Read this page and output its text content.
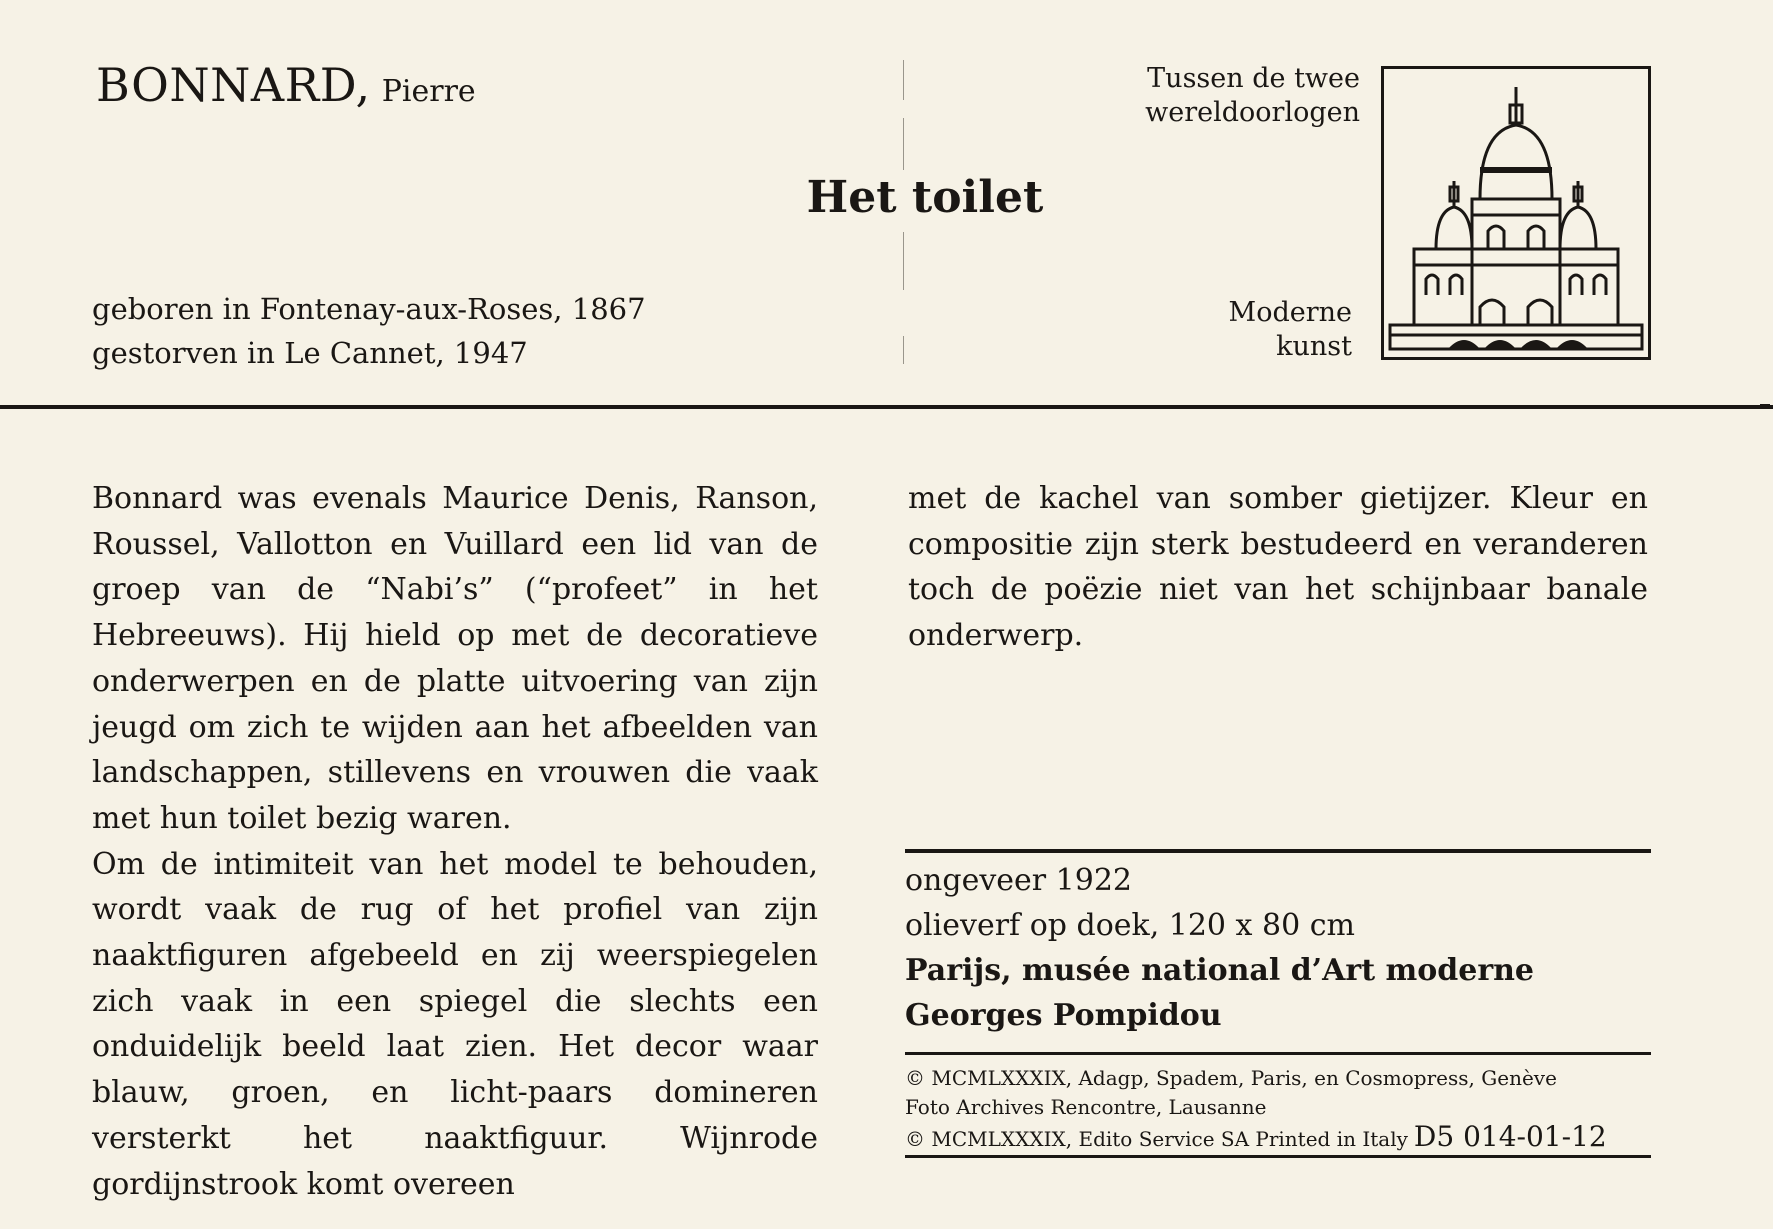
BONNARD, Pierre
Het toilet
geboren in Fontenay-aux-Roses, 1867
gestorven in Le Cannet, 1947
Tussen de twee
wereldoorlogen
Moderne
kunst

Bonnard was evenals Maurice Denis, Ranson, Roussel, Vallotton en Vuillard een lid van de groep van de “Nabi’s” (“profeet” in het Hebreeuws). Hij hield op met de decoratieve onderwerpen en de platte uitvoering van zijn jeugd om zich te wijden aan het afbeelden van landschappen, stillevens en vrouwen die vaak met hun toilet bezig waren.

Om de intimiteit van het model te behouden, wordt vaak de rug of het profiel van zijn naaktfiguren afgebeeld en zij weerspiegelen zich vaak in een spiegel die slechts een onduidelijk beeld laat zien. Het decor waar blauw, groen, en licht-paars domineren versterkt het naaktfiguur. Wijnrode gordijnstrook komt overeen

met de kachel van somber gietijzer. Kleur en compositie zijn sterk bestudeerd en veranderen toch de poëzie niet van het schijnbaar banale onderwerp.

ongeveer 1922
olieverf op doek, 120 x 80 cm
Parijs, musée national d’Art moderne
Georges Pompidou
© MCMLXXXIX, Adagp, Spadem, Paris, en Cosmopress, Genève
Foto Archives Rencontre, Lausanne
© MCMLXXXIX, Edito Service SA Printed in Italy D5 014-01-12
